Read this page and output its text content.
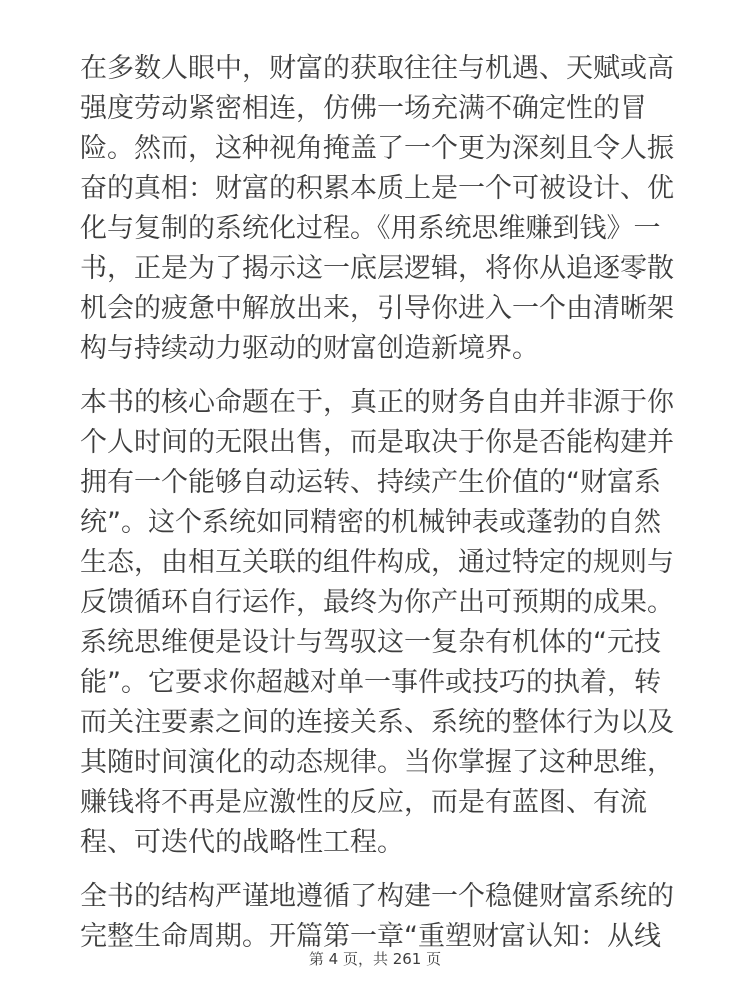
在多数人眼中，财富的获取往往与机遇、天赋或高
强度劳动紧密相连，仿佛一场充满不确定性的冒
险。然而，这种视角掩盖了一个更为深刻且令人振
奋的真相：财富的积累本质上是一个可被设计、优
化与复制的系统化过程。《用系统思维赚到钱》一
书，正是为了揭示这一底层逻辑，将你从追逐零散
机会的疲惫中解放出来，引导你进入一个由清晰架
构与持续动力驱动的财富创造新境界。
本书的核心命题在于，真正的财务自由并非源于你
个人时间的无限出售，而是取决于你是否能构建并
拥有一个能够自动运转、持续产生价值的“财富系
统”。这个系统如同精密的机械钟表或蓬勃的自然
生态，由相互关联的组件构成，通过特定的规则与
反馈循环自行运作，最终为你产出可预期的成果。
系统思维便是设计与驾驭这一复杂有机体的“元技
能”。它要求你超越对单一事件或技巧的执着，转
而关注要素之间的连接关系、系统的整体行为以及
其随时间演化的动态规律。当你掌握了这种思维，
赚钱将不再是应激性的反应，而是有蓝图、有流
程、可迭代的战略性工程。
全书的结构严谨地遵循了构建一个稳健财富系统的
完整生命周期。开篇第一章“重塑财富认知：从线
第 4 页，共 261 页
